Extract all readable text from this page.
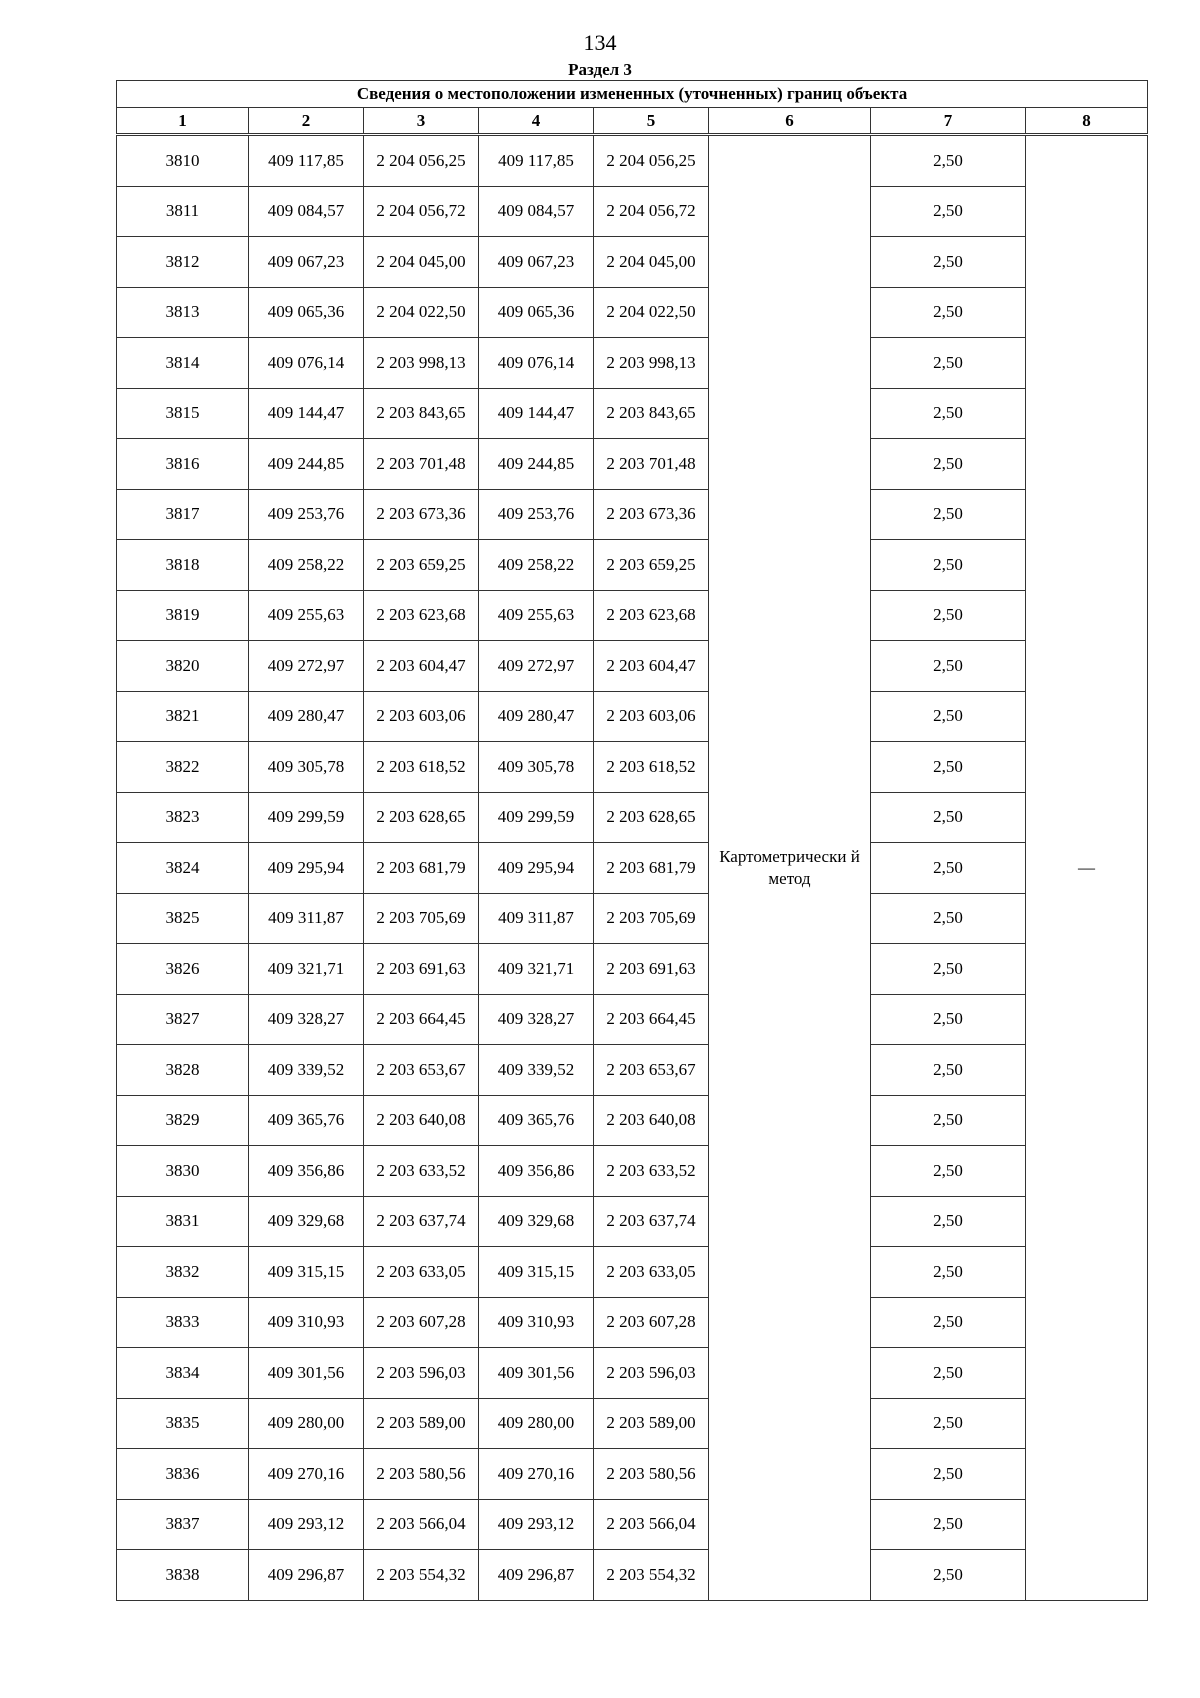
134
Раздел 3
Сведения о местоположении измененных (уточненных) границ объекта							
1	2	3	4	5	6	7	8
3810	409 117,85	2 204 056,25	409 117,85	2 204 056,25	Картометрически й метод	2,50	—
3811	409 084,57	2 204 056,72	409 084,57	2 204 056,72		2,50	
3812	409 067,23	2 204 045,00	409 067,23	2 204 045,00		2,50	
3813	409 065,36	2 204 022,50	409 065,36	2 204 022,50		2,50	
3814	409 076,14	2 203 998,13	409 076,14	2 203 998,13		2,50	
3815	409 144,47	2 203 843,65	409 144,47	2 203 843,65		2,50	
3816	409 244,85	2 203 701,48	409 244,85	2 203 701,48		2,50	
3817	409 253,76	2 203 673,36	409 253,76	2 203 673,36		2,50	
3818	409 258,22	2 203 659,25	409 258,22	2 203 659,25		2,50	
3819	409 255,63	2 203 623,68	409 255,63	2 203 623,68		2,50	
3820	409 272,97	2 203 604,47	409 272,97	2 203 604,47		2,50	
3821	409 280,47	2 203 603,06	409 280,47	2 203 603,06		2,50	
3822	409 305,78	2 203 618,52	409 305,78	2 203 618,52		2,50	
3823	409 299,59	2 203 628,65	409 299,59	2 203 628,65		2,50	
3824	409 295,94	2 203 681,79	409 295,94	2 203 681,79		2,50	
3825	409 311,87	2 203 705,69	409 311,87	2 203 705,69		2,50	
3826	409 321,71	2 203 691,63	409 321,71	2 203 691,63		2,50	
3827	409 328,27	2 203 664,45	409 328,27	2 203 664,45		2,50	
3828	409 339,52	2 203 653,67	409 339,52	2 203 653,67		2,50	
3829	409 365,76	2 203 640,08	409 365,76	2 203 640,08		2,50	
3830	409 356,86	2 203 633,52	409 356,86	2 203 633,52		2,50	
3831	409 329,68	2 203 637,74	409 329,68	2 203 637,74		2,50	
3832	409 315,15	2 203 633,05	409 315,15	2 203 633,05		2,50	
3833	409 310,93	2 203 607,28	409 310,93	2 203 607,28		2,50	
3834	409 301,56	2 203 596,03	409 301,56	2 203 596,03		2,50	
3835	409 280,00	2 203 589,00	409 280,00	2 203 589,00		2,50	
3836	409 270,16	2 203 580,56	409 270,16	2 203 580,56		2,50	
3837	409 293,12	2 203 566,04	409 293,12	2 203 566,04		2,50	
3838	409 296,87	2 203 554,32	409 296,87	2 203 554,32		2,50	
